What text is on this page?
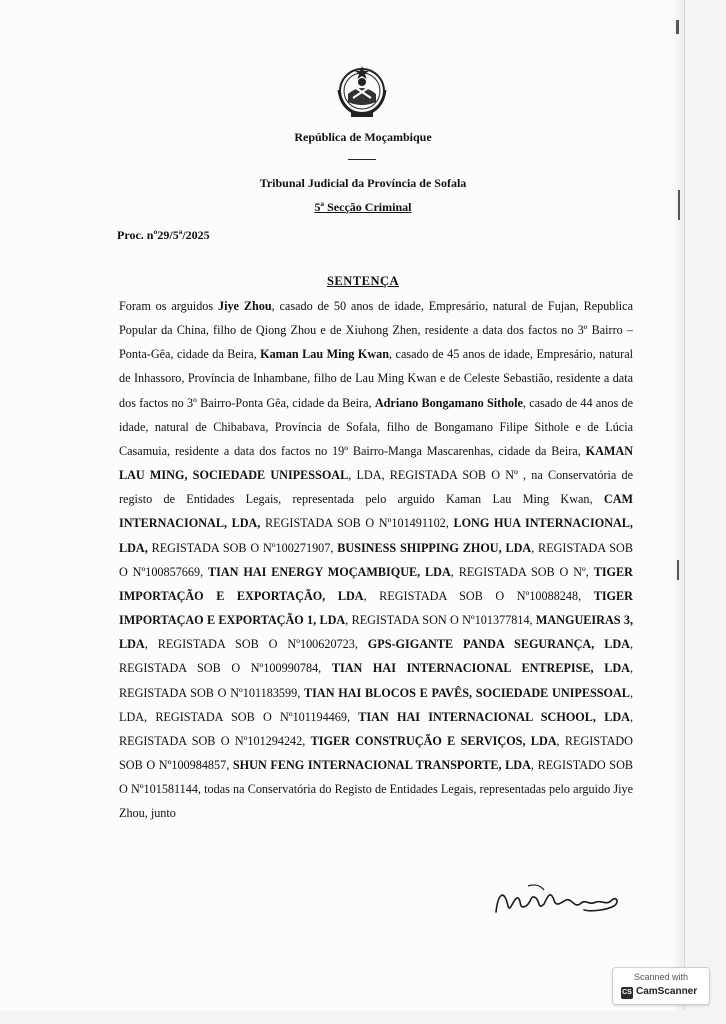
República de Moçambique
Tribunal Judicial da Província de Sofala
5ª Secção Criminal
Proc. nº29/5ª/2025
SENTENÇA
Foram os arguidos Jiye Zhou, casado de 50 anos de idade, Empresário, natural de Fujan, Republica Popular da China, filho de Qiong Zhou e de Xiuhong Zhen, residente a data dos factos no 3º Bairro – Ponta-Gêa, cidade da Beira, Kaman Lau Ming Kwan, casado de 45 anos de idade, Empresário, natural de Inhassoro, Província de Inhambane, filho de Lau Ming Kwan e de Celeste Sebastião, residente a data dos factos no 3º Bairro-Ponta Gêa, cidade da Beira, Adriano Bongamano Sithole, casado de 44 anos de idade, natural de Chibabava, Província de Sofala, filho de Bongamano Filipe Sithole e de Lúcia Casamuia, residente a data dos factos no 19º Bairro-Manga Mascarenhas, cidade da Beira, KAMAN LAU MING, SOCIEDADE UNIPESSOAL, LDA, REGISTADA SOB O Nº , na Conservatória de registo de Entidades Legais, representada pelo arguido Kaman Lau Ming Kwan, CAM INTERNACIONAL, LDA, REGISTADA SOB O Nº101491102, LONG HUA INTERNACIONAL, LDA, REGISTADA SOB O Nº100271907, BUSINESS SHIPPING ZHOU, LDA, REGISTADA SOB O Nº100857669, TIAN HAI ENERGY MOÇAMBIQUE, LDA, REGISTADA SOB O Nº, TIGER IMPORTAÇÃO E EXPORTAÇÃO, LDA, REGISTADA SOB O Nº10088248, TIGER IMPORTAÇAO E EXPORTAÇÃO 1, LDA, REGISTADA SON O Nº101377814, MANGUEIRAS 3, LDA, REGISTADA SOB O Nº100620723, GPS-GIGANTE PANDA SEGURANÇA, LDA, REGISTADA SOB O Nº100990784, TIAN HAI INTERNACIONAL ENTREPISE, LDA, REGISTADA SOB O Nº101183599, TIAN HAI BLOCOS E PAVÊS, SOCIEDADE UNIPESSOAL, LDA, REGISTADA SOB O Nº101194469, TIAN HAI INTERNACIONAL SCHOOL, LDA, REGISTADA SOB O Nº101294242, TIGER CONSTRUÇÃO E SERVIÇOS, LDA, REGISTADO SOB O Nº100984857, SHUN FENG INTERNACIONAL TRANSPORTE, LDA, REGISTADO SOB O Nº101581144, todas na Conservatória do Registo de Entidades Legais, representadas pelo arguido Jiye Zhou, junto
Scanned with
CS CamScanner
